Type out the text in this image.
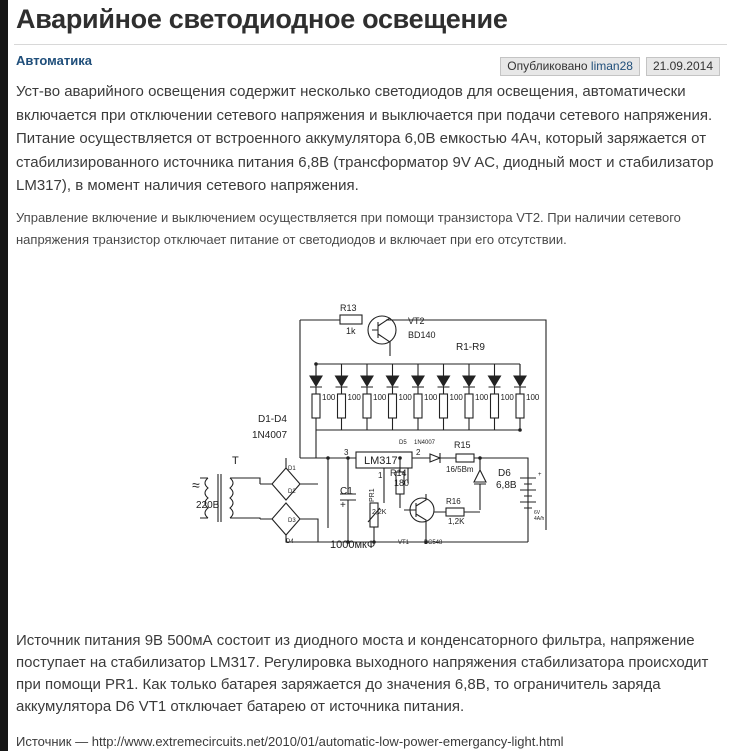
Аварийное светодиодное освещение
Автоматика	Опубликовано liman28	21.09.2014

Уст-во аварийного освещения содержит несколько светодиодов для освещения, автоматически включается при отключении сетевого напряжения и выключается при подачи сетевого напряжения. Питание осуществляется от встроенного аккумулятора 6,0В емкостью 4Ач, который заряжается от стабилизированного источника питания 6,8В (трансформатор 9V AC, диодный мост и стабилизатор LM317), в момент наличия сетевого напряжения.

Управление включение и выключением осуществляется при помощи транзистора VT2. При наличии сетевого напряжения транзистор отключает питание от светодиодов и включает при его отсутствии.

≈
R13
1k
VT2
BD140
R1-R9
D1-D4
1N4007
T
220В
D1
D2
D3
D4
LM317
3	2
1
D5 1N4007 R15
16/5Bm
R14
180
D6
6,8В
C1
+
1000мкФ
PR1
2,2K
R16
1,2K
VT1 BC548
+
6V
4A/h
100 100 100 100 100 100 100 100 100

Источник питания 9В 500мА состоит из диодного моста и конденсаторного фильтра, напряжение поступает на стабилизатор LM317. Регулировка выходного напряжения стабилизатора происходит при помощи PR1. Как только батарея заряжается до значения 6,8В, то ограничитель заряда аккумулятора D6 VT1 отключает батарею от источника питания.

Источник — http://www.extremecircuits.net/2010/01/automatic-low-power-emergancy-light.html
